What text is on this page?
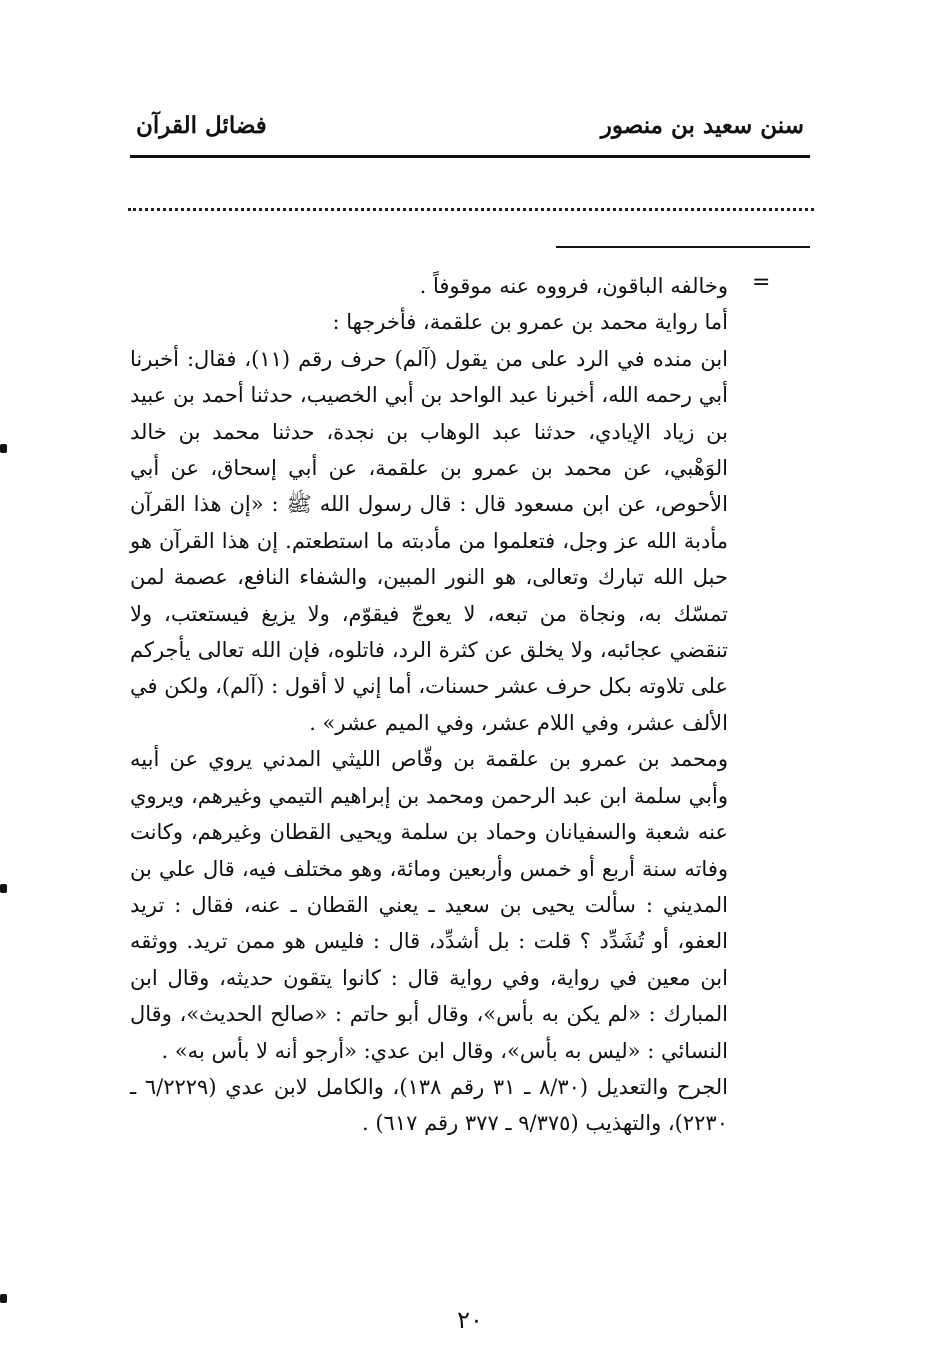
سنن سعيد بن منصور
فضائل القرآن
=

وخالفه الباقون، فرووه عنه موقوفاً .

أما رواية محمد بن عمرو بن علقمة، فأخرجها :

ابن منده في الرد على من يقول (آلم) حرف رقم (١١)، فقال: أخبرنا أبي رحمه الله، أخبرنا عبد الواحد بن أبي الخصيب، حدثنا أحمد بن عبيد بن زياد الإيادي، حدثنا عبد الوهاب بن نجدة، حدثنا محمد بن خالد الوَهْبي، عن محمد بن عمرو بن علقمة، عن أبي إسحاق، عن أبي الأحوص، عن ابن مسعود قال : قال رسول الله ﷺ : «إن هذا القرآن مأدبة الله عز وجل، فتعلموا من مأدبته ما استطعتم. إن هذا القرآن هو حبل الله تبارك وتعالى، هو النور المبين، والشفاء النافع، عصمة لمن تمسّك به، ونجاة من تبعه، لا يعوجّ فيقوّم، ولا يزيغ فيستعتب، ولا تنقضي عجائبه، ولا يخلق عن كثرة الرد، فاتلوه، فإن الله تعالى يأجركم على تلاوته بكل حرف عشر حسنات، أما إني لا أقول : (آلم)، ولكن في الألف عشر، وفي اللام عشر، وفي الميم عشر» .

ومحمد بن عمرو بن علقمة بن وقّاص الليثي المدني يروي عن أبيه وأبي سلمة ابن عبد الرحمن ومحمد بن إبراهيم التيمي وغيرهم، ويروي عنه شعبة والسفيانان وحماد بن سلمة ويحيى القطان وغيرهم، وكانت وفاته سنة أربع أو خمس وأربعين ومائة، وهو مختلف فيه، قال علي بن المديني : سألت يحيى بن سعيد ـ يعني القطان ـ عنه، فقال : تريد العفو، أو تُشَدِّد ؟ قلت : بل أشدِّد، قال : فليس هو ممن تريد. ووثقه ابن معين في رواية، وفي رواية قال : كانوا يتقون حديثه، وقال ابن المبارك : «لم يكن به بأس»، وقال أبو حاتم : «صالح الحديث»، وقال النسائي : «ليس به بأس»، وقال ابن عدي: «أرجو أنه لا بأس به» .

الجرح والتعديل (٨/٣٠ ـ ٣١ رقم ١٣٨)، والكامل لابن عدي (٦/٢٢٢٩ ـ ٢٢٣٠)، والتهذيب (٩/٣٧٥ ـ ٣٧٧ رقم ٦١٧) .

٢٠
